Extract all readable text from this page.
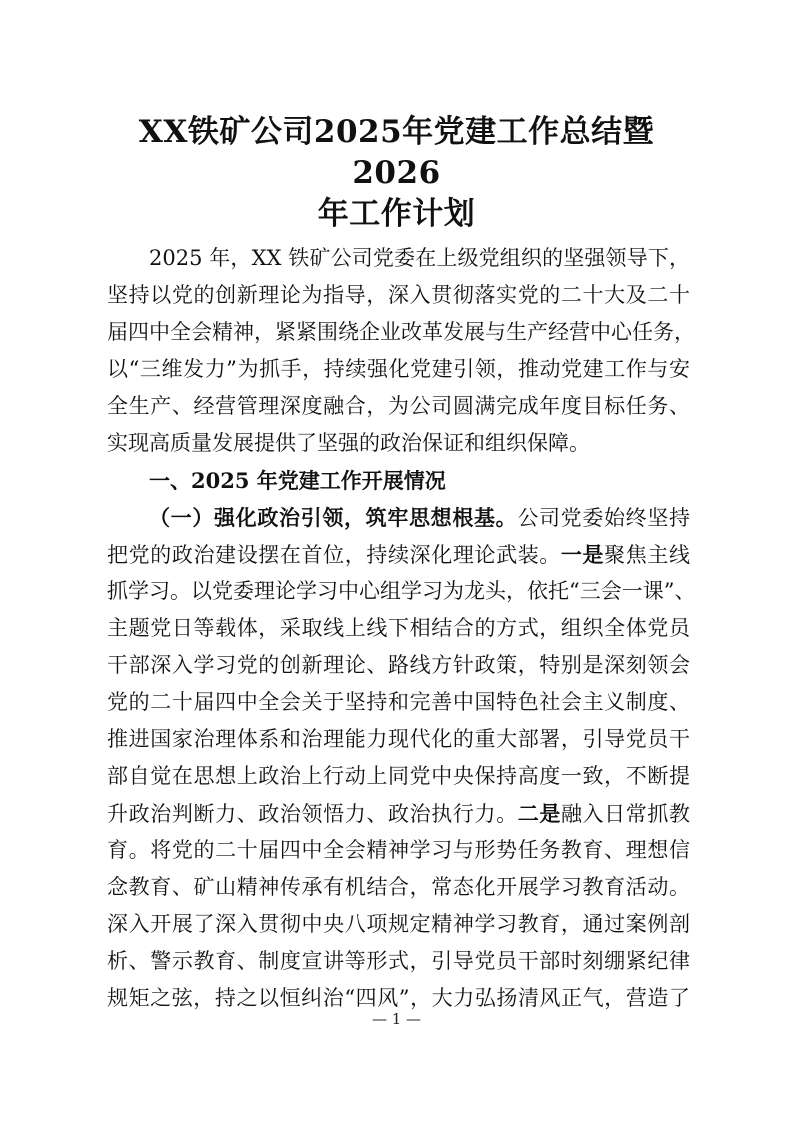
XX铁矿公司2025年党建工作总结暨2026
年工作计划
2025 年，XX 铁矿公司党委在上级党组织的坚强领导下，
坚持以党的创新理论为指导，深入贯彻落实党的二十大及二十
届四中全会精神，紧紧围绕企业改革发展与生产经营中心任务，
以“三维发力”为抓手，持续强化党建引领，推动党建工作与安
全生产、经营管理深度融合，为公司圆满完成年度目标任务、
实现高质量发展提供了坚强的政治保证和组织保障。
一、2025 年党建工作开展情况
（一）强化政治引领，筑牢思想根基。公司党委始终坚持
把党的政治建设摆在首位，持续深化理论武装。一是聚焦主线
抓学习。以党委理论学习中心组学习为龙头，依托“三会一课”、
主题党日等载体，采取线上线下相结合的方式，组织全体党员
干部深入学习党的创新理论、路线方针政策，特别是深刻领会
党的二十届四中全会关于坚持和完善中国特色社会主义制度、
推进国家治理体系和治理能力现代化的重大部署，引导党员干
部自觉在思想上政治上行动上同党中央保持高度一致，不断提
升政治判断力、政治领悟力、政治执行力。二是融入日常抓教
育。将党的二十届四中全会精神学习与形势任务教育、理想信
念教育、矿山精神传承有机结合，常态化开展学习教育活动。
深入开展了深入贯彻中央八项规定精神学习教育，通过案例剖
析、警示教育、制度宣讲等形式，引导党员干部时刻绷紧纪律
规矩之弦，持之以恒纠治“四风”，大力弘扬清风正气，营造了
— 1 —
